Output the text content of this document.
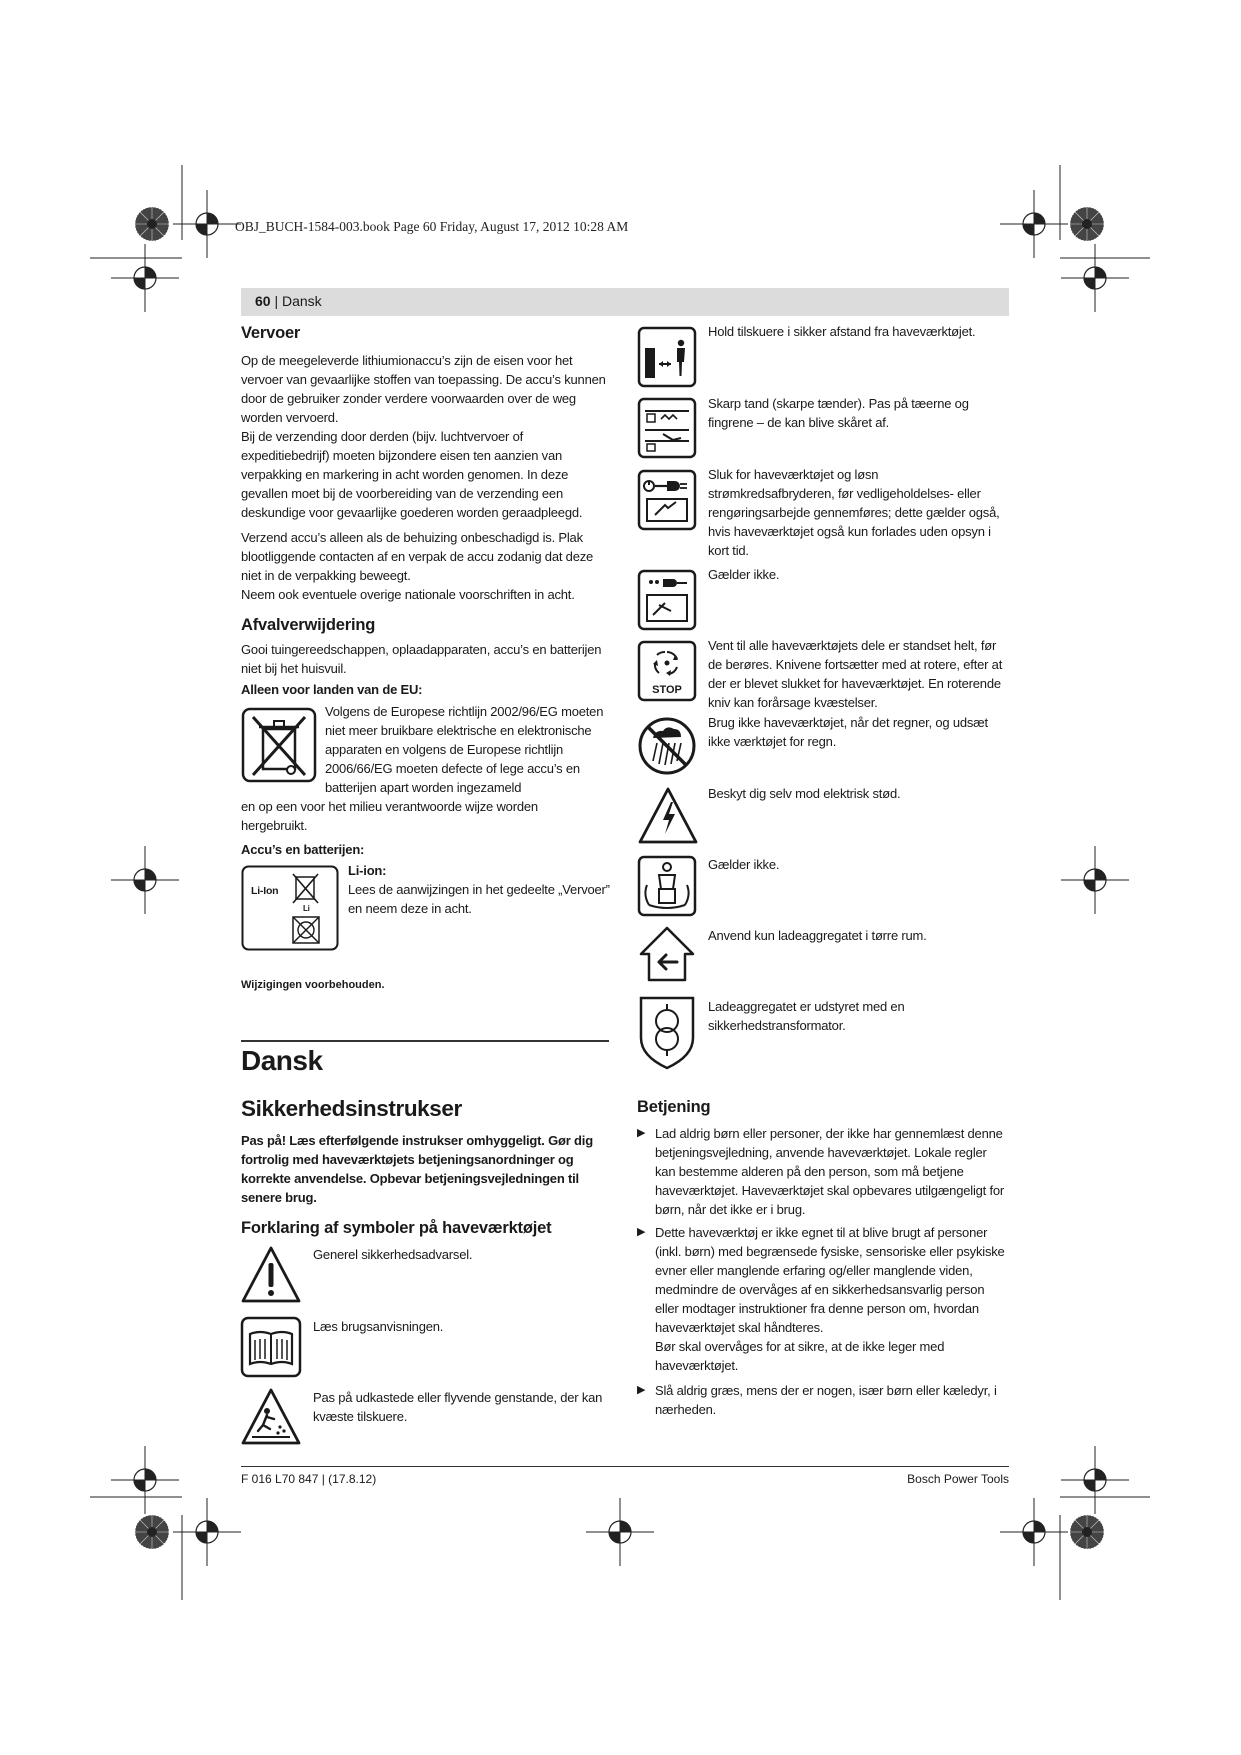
OBJ_BUCH-1584-003.book Page 60 Friday, August 17, 2012 10:28 AM
60 | Dansk
Vervoer

Op de meegeleverde lithiumionaccu’s zijn de eisen voor het vervoer van gevaarlijke stoffen van toepassing. De accu’s kunnen door de gebruiker zonder verdere voorwaarden over de weg worden vervoerd.

Bij de verzending door derden (bijv. luchtvervoer of expeditiebedrijf) moeten bijzondere eisen ten aanzien van verpakking en markering in acht worden genomen. In deze gevallen moet bij de voorbereiding van de verzending een deskundige voor gevaarlijke goederen worden geraadpleegd.

Verzend accu’s alleen als de behuizing onbeschadigd is. Plak blootliggende contacten af en verpak de accu zodanig dat deze niet in de verpakking beweegt.

Neem ook eventuele overige nationale voorschriften in acht.

Afvalverwijdering

Gooi tuingereedschappen, oplaadapparaten, accu’s en batterijen niet bij het huisvuil.

Alleen voor landen van de EU:

Volgens de Europese richtlijn 2002/96/EG moeten niet meer bruikbare elektrische en elektronische apparaten en volgens de Europese richtlijn 2006/66/EG moeten defecte of lege accu’s en batterijen apart worden ingezameld

en op een voor het milieu verantwoorde wijze worden hergebruikt.

Accu’s en batterijen:
Li-Ion
Li
Li-ion:

Lees de aanwijzingen in het gedeelte „Vervoer” en neem deze in acht.

Wijzigingen voorbehouden.
Dansk
Sikkerhedsinstrukser
Pas på! Læs efterfølgende instrukser omhyggeligt. Gør dig fortrolig med haveværktøjets betjeningsanordninger og korrekte anvendelse. Opbevar betjeningsvejledningen til senere brug.
Forklaring af symboler på haveværktøjet
Generel sikkerhedsadvarsel.
Læs brugsanvisningen.
Pas på udkastede eller flyvende genstande, der kan kvæste tilskuere.
Hold tilskuere i sikker afstand fra haveværktøjet.
Skarp tand (skarpe tænder). Pas på tæerne og fingrene – de kan blive skåret af.
Sluk for haveværktøjet og løsn strømkredsafbryderen, før vedligeholdelses- eller rengøringsarbejde gennemføres; dette gælder også, hvis haveværktøjet også kun forlades uden opsyn i kort tid.
Gælder ikke.
STOP
Vent til alle haveværktøjets dele er standset helt, før de berøres. Knivene fortsætter med at rotere, efter at der er blevet slukket for haveværktøjet. En roterende kniv kan forårsage kvæstelser.
Brug ikke haveværktøjet, når det regner, og udsæt ikke værktøjet for regn.
Beskyt dig selv mod elektrisk stød.
Gælder ikke.
Anvend kun ladeaggregatet i tørre rum.
Ladeaggregatet er udstyret med en sikkerhedstransformator.
Betjening
▶ Lad aldrig børn eller personer, der ikke har gennemlæst denne betjeningsvejledning, anvende haveværktøjet. Lokale regler kan bestemme alderen på den person, som må betjene haveværktøjet. Haveværktøjet skal opbevares utilgængeligt for børn, når det ikke er i brug.

▶ Dette haveværktøj er ikke egnet til at blive brugt af personer (inkl. børn) med begrænsede fysiske, sensoriske eller psykiske evner eller manglende erfaring og/eller manglende viden, medmindre de overvåges af en sikkerhedsansvarlig person eller modtager instruktioner fra denne person om, hvordan haveværktøjet skal håndteres.

Bør skal overvåges for at sikre, at de ikke leger med haveværktøjet.

▶ Slå aldrig græs, mens der er nogen, især børn eller kæledyr, i nærheden.

F 016 L70 847 | (17.8.12)	Bosch Power Tools
